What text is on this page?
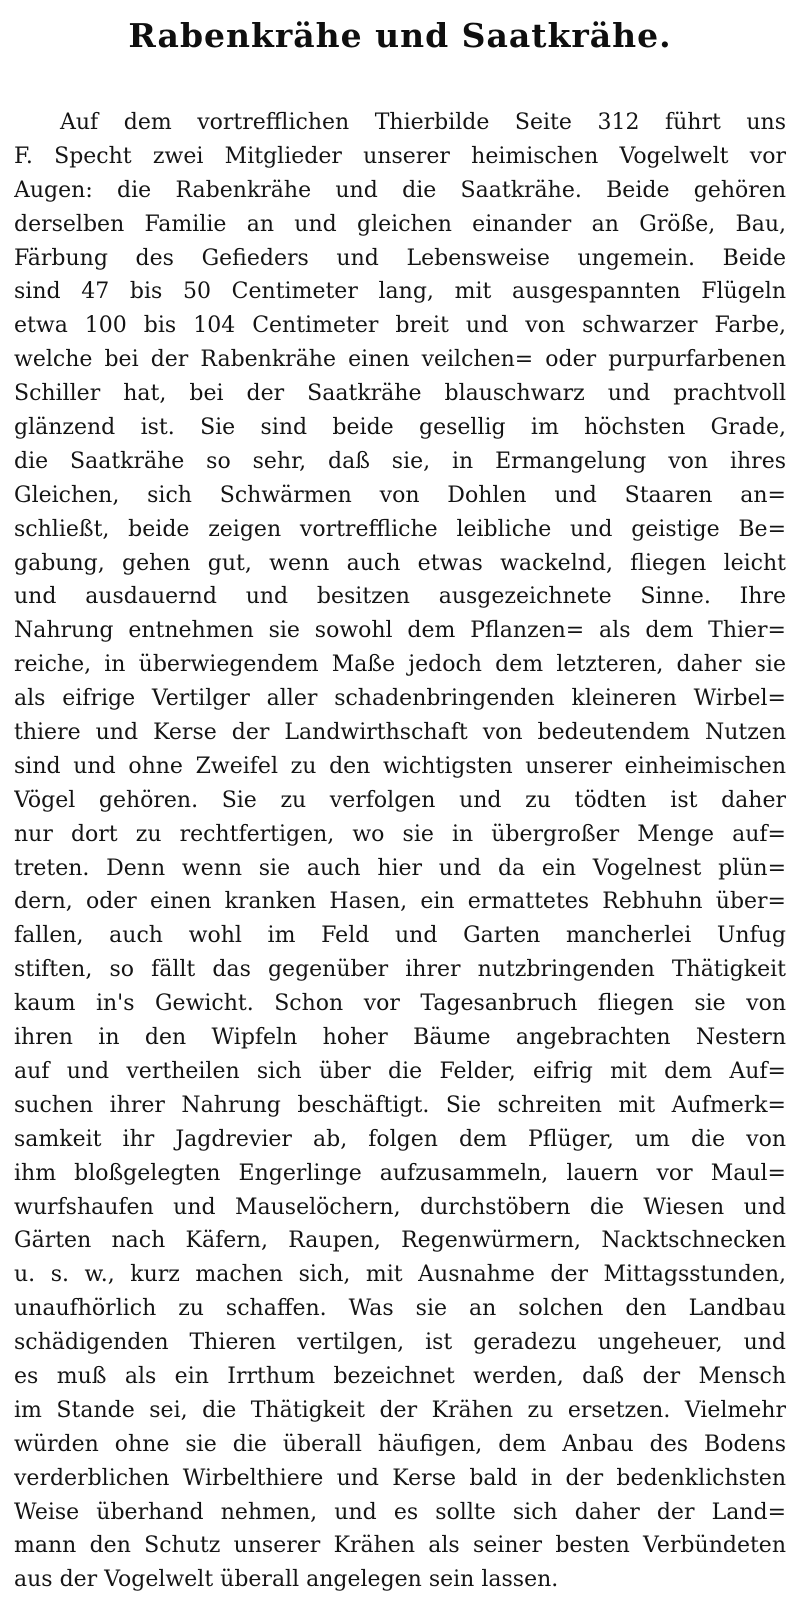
Rabenkrähe und Saatkrähe.

Auf dem vortrefflichen Thierbilde Seite 312 führt uns
F. Specht zwei Mitglieder unserer heimischen Vogelwelt vor
Augen: die Rabenkrähe und die Saatkrähe. Beide gehören
derselben Familie an und gleichen einander an Größe, Bau,
Färbung des Gefieders und Lebensweise ungemein. Beide
sind 47 bis 50 Centimeter lang, mit ausgespannten Flügeln
etwa 100 bis 104 Centimeter breit und von schwarzer Farbe,
welche bei der Rabenkrähe einen veilchen= oder purpurfarbenen
Schiller hat, bei der Saatkrähe blauschwarz und prachtvoll
glänzend ist. Sie sind beide gesellig im höchsten Grade,
die Saatkrähe so sehr, daß sie, in Ermangelung von ihres
Gleichen, sich Schwärmen von Dohlen und Staaren an=
schließt, beide zeigen vortreffliche leibliche und geistige Be=
gabung, gehen gut, wenn auch etwas wackelnd, fliegen leicht
und ausdauernd und besitzen ausgezeichnete Sinne. Ihre
Nahrung entnehmen sie sowohl dem Pflanzen= als dem Thier=
reiche, in überwiegendem Maße jedoch dem letzteren, daher sie
als eifrige Vertilger aller schadenbringenden kleineren Wirbel=
thiere und Kerse der Landwirthschaft von bedeutendem Nutzen
sind und ohne Zweifel zu den wichtigsten unserer einheimischen
Vögel gehören. Sie zu verfolgen und zu tödten ist daher
nur dort zu rechtfertigen, wo sie in übergroßer Menge auf=
treten. Denn wenn sie auch hier und da ein Vogelnest plün=
dern, oder einen kranken Hasen, ein ermattetes Rebhuhn über=
fallen, auch wohl im Feld und Garten mancherlei Unfug
stiften, so fällt das gegenüber ihrer nutzbringenden Thätigkeit
kaum in's Gewicht. Schon vor Tagesanbruch fliegen sie von
ihren in den Wipfeln hoher Bäume angebrachten Nestern
auf und vertheilen sich über die Felder, eifrig mit dem Auf=
suchen ihrer Nahrung beschäftigt. Sie schreiten mit Aufmerk=
samkeit ihr Jagdrevier ab, folgen dem Pflüger, um die von
ihm bloßgelegten Engerlinge aufzusammeln, lauern vor Maul=
wurfshaufen und Mauselöchern, durchstöbern die Wiesen und
Gärten nach Käfern, Raupen, Regenwürmern, Nacktschnecken
u. s. w., kurz machen sich, mit Ausnahme der Mittagsstunden,
unaufhörlich zu schaffen. Was sie an solchen den Landbau
schädigenden Thieren vertilgen, ist geradezu ungeheuer, und
es muß als ein Irrthum bezeichnet werden, daß der Mensch
im Stande sei, die Thätigkeit der Krähen zu ersetzen. Vielmehr
würden ohne sie die überall häufigen, dem Anbau des Bodens
verderblichen Wirbelthiere und Kerse bald in der bedenklichsten
Weise überhand nehmen, und es sollte sich daher der Land=
mann den Schutz unserer Krähen als seiner besten Verbündeten
aus der Vogelwelt überall angelegen sein lassen.
